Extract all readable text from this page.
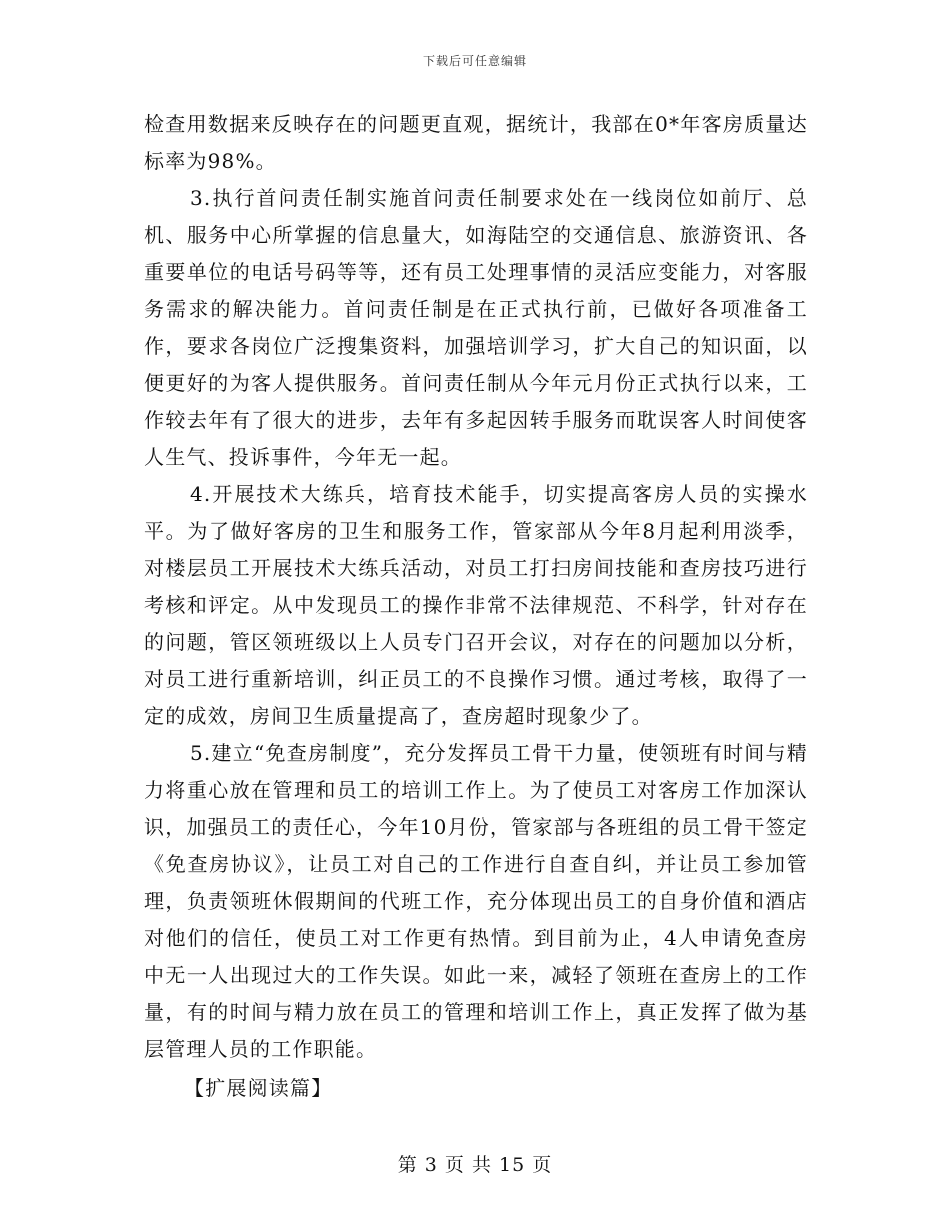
下载后可任意编辑

检查用数据来反映存在的问题更直观，据统计，我部在0*年客房质量达标率为98%。

3.执行首问责任制实施首问责任制要求处在一线岗位如前厅、总机、服务中心所掌握的信息量大，如海陆空的交通信息、旅游资讯、各重要单位的电话号码等等，还有员工处理事情的灵活应变能力，对客服务需求的解决能力。首问责任制是在正式执行前，已做好各项准备工作，要求各岗位广泛搜集资料，加强培训学习，扩大自己的知识面，以便更好的为客人提供服务。首问责任制从今年元月份正式执行以来，工作较去年有了很大的进步，去年有多起因转手服务而耽误客人时间使客人生气、投诉事件，今年无一起。

4.开展技术大练兵，培育技术能手，切实提高客房人员的实操水平。为了做好客房的卫生和服务工作，管家部从今年8月起利用淡季，对楼层员工开展技术大练兵活动，对员工打扫房间技能和查房技巧进行考核和评定。从中发现员工的操作非常不法律规范、不科学，针对存在的问题，管区领班级以上人员专门召开会议，对存在的问题加以分析，对员工进行重新培训，纠正员工的不良操作习惯。通过考核，取得了一定的成效，房间卫生质量提高了，查房超时现象少了。

5.建立“免查房制度”，充分发挥员工骨干力量，使领班有时间与精力将重心放在管理和员工的培训工作上。为了使员工对客房工作加深认识，加强员工的责任心，今年10月份，管家部与各班组的员工骨干签定《免查房协议》，让员工对自己的工作进行自查自纠，并让员工参加管理，负责领班休假期间的代班工作，充分体现出员工的自身价值和酒店对他们的信任，使员工对工作更有热情。到目前为止，4人申请免查房中无一人出现过大的工作失误。如此一来，减轻了领班在查房上的工作量，有的时间与精力放在员工的管理和培训工作上，真正发挥了做为基层管理人员的工作职能。

【扩展阅读篇】

第 3 页 共 15 页
